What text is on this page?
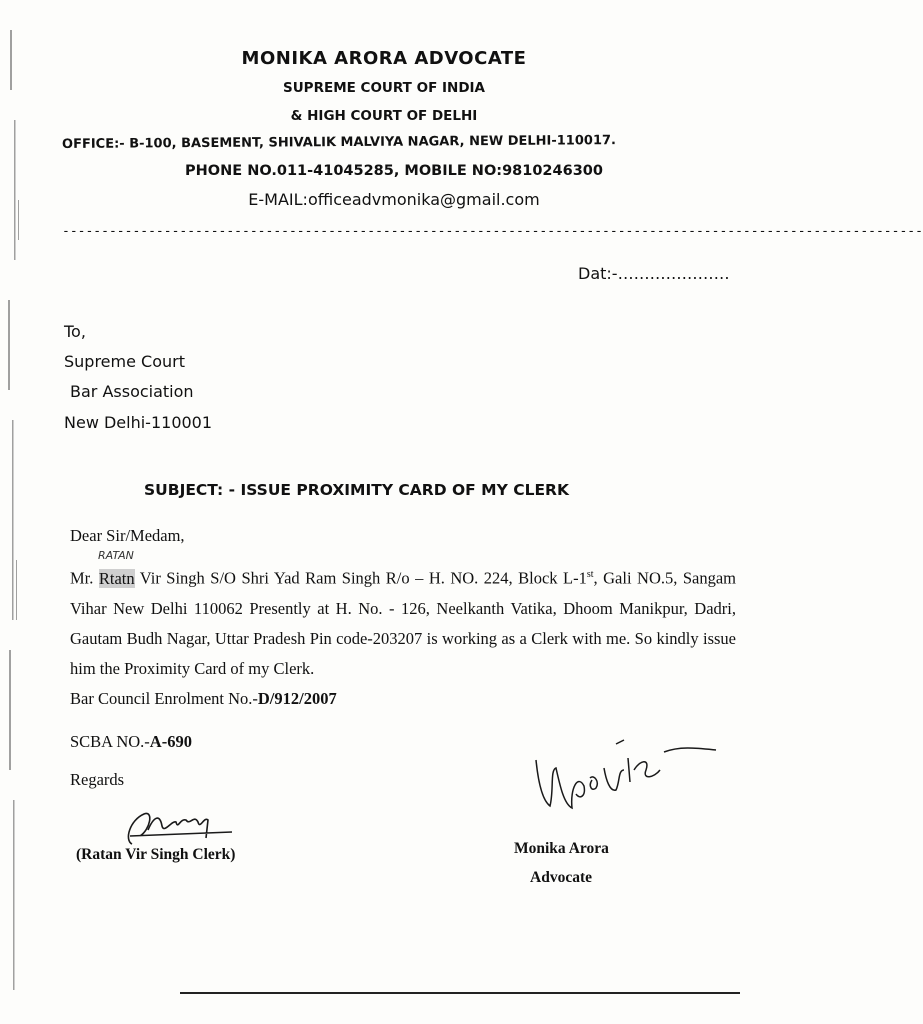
MONIKA ARORA ADVOCATE
SUPREME COURT OF INDIA
& HIGH COURT OF DELHI
OFFICE:- B-100, BASEMENT, SHIVALIK MALVIYA NAGAR, NEW DELHI-110017.
PHONE NO.011-41045285, MOBILE NO:9810246300
E-MAIL:officeadvmonika@gmail.com
--------------------------------------------------------------------------------------------------------------
Dat:-…………………
To,
Supreme Court
Bar Association
New Delhi-110001
SUBJECT: - ISSUE PROXIMITY CARD OF MY CLERK
Dear Sir/Medam,
RATAN
Mr. Rtatn Vir Singh S/O Shri Yad Ram Singh R/o – H. NO. 224, Block L-1st, Gali NO.5, Sangam Vihar New Delhi 110062 Presently at H. No. - 126, Neelkanth Vatika, Dhoom Manikpur, Dadri, Gautam Budh Nagar, Uttar Pradesh Pin code-203207 is working as a Clerk with me. So kindly issue him the Proximity Card of my Clerk.
Bar Council Enrolment No.-D/912/2007
SCBA NO.-A-690
Regards
(Ratan Vir Singh Clerk)	Monika Arora
Advocate
